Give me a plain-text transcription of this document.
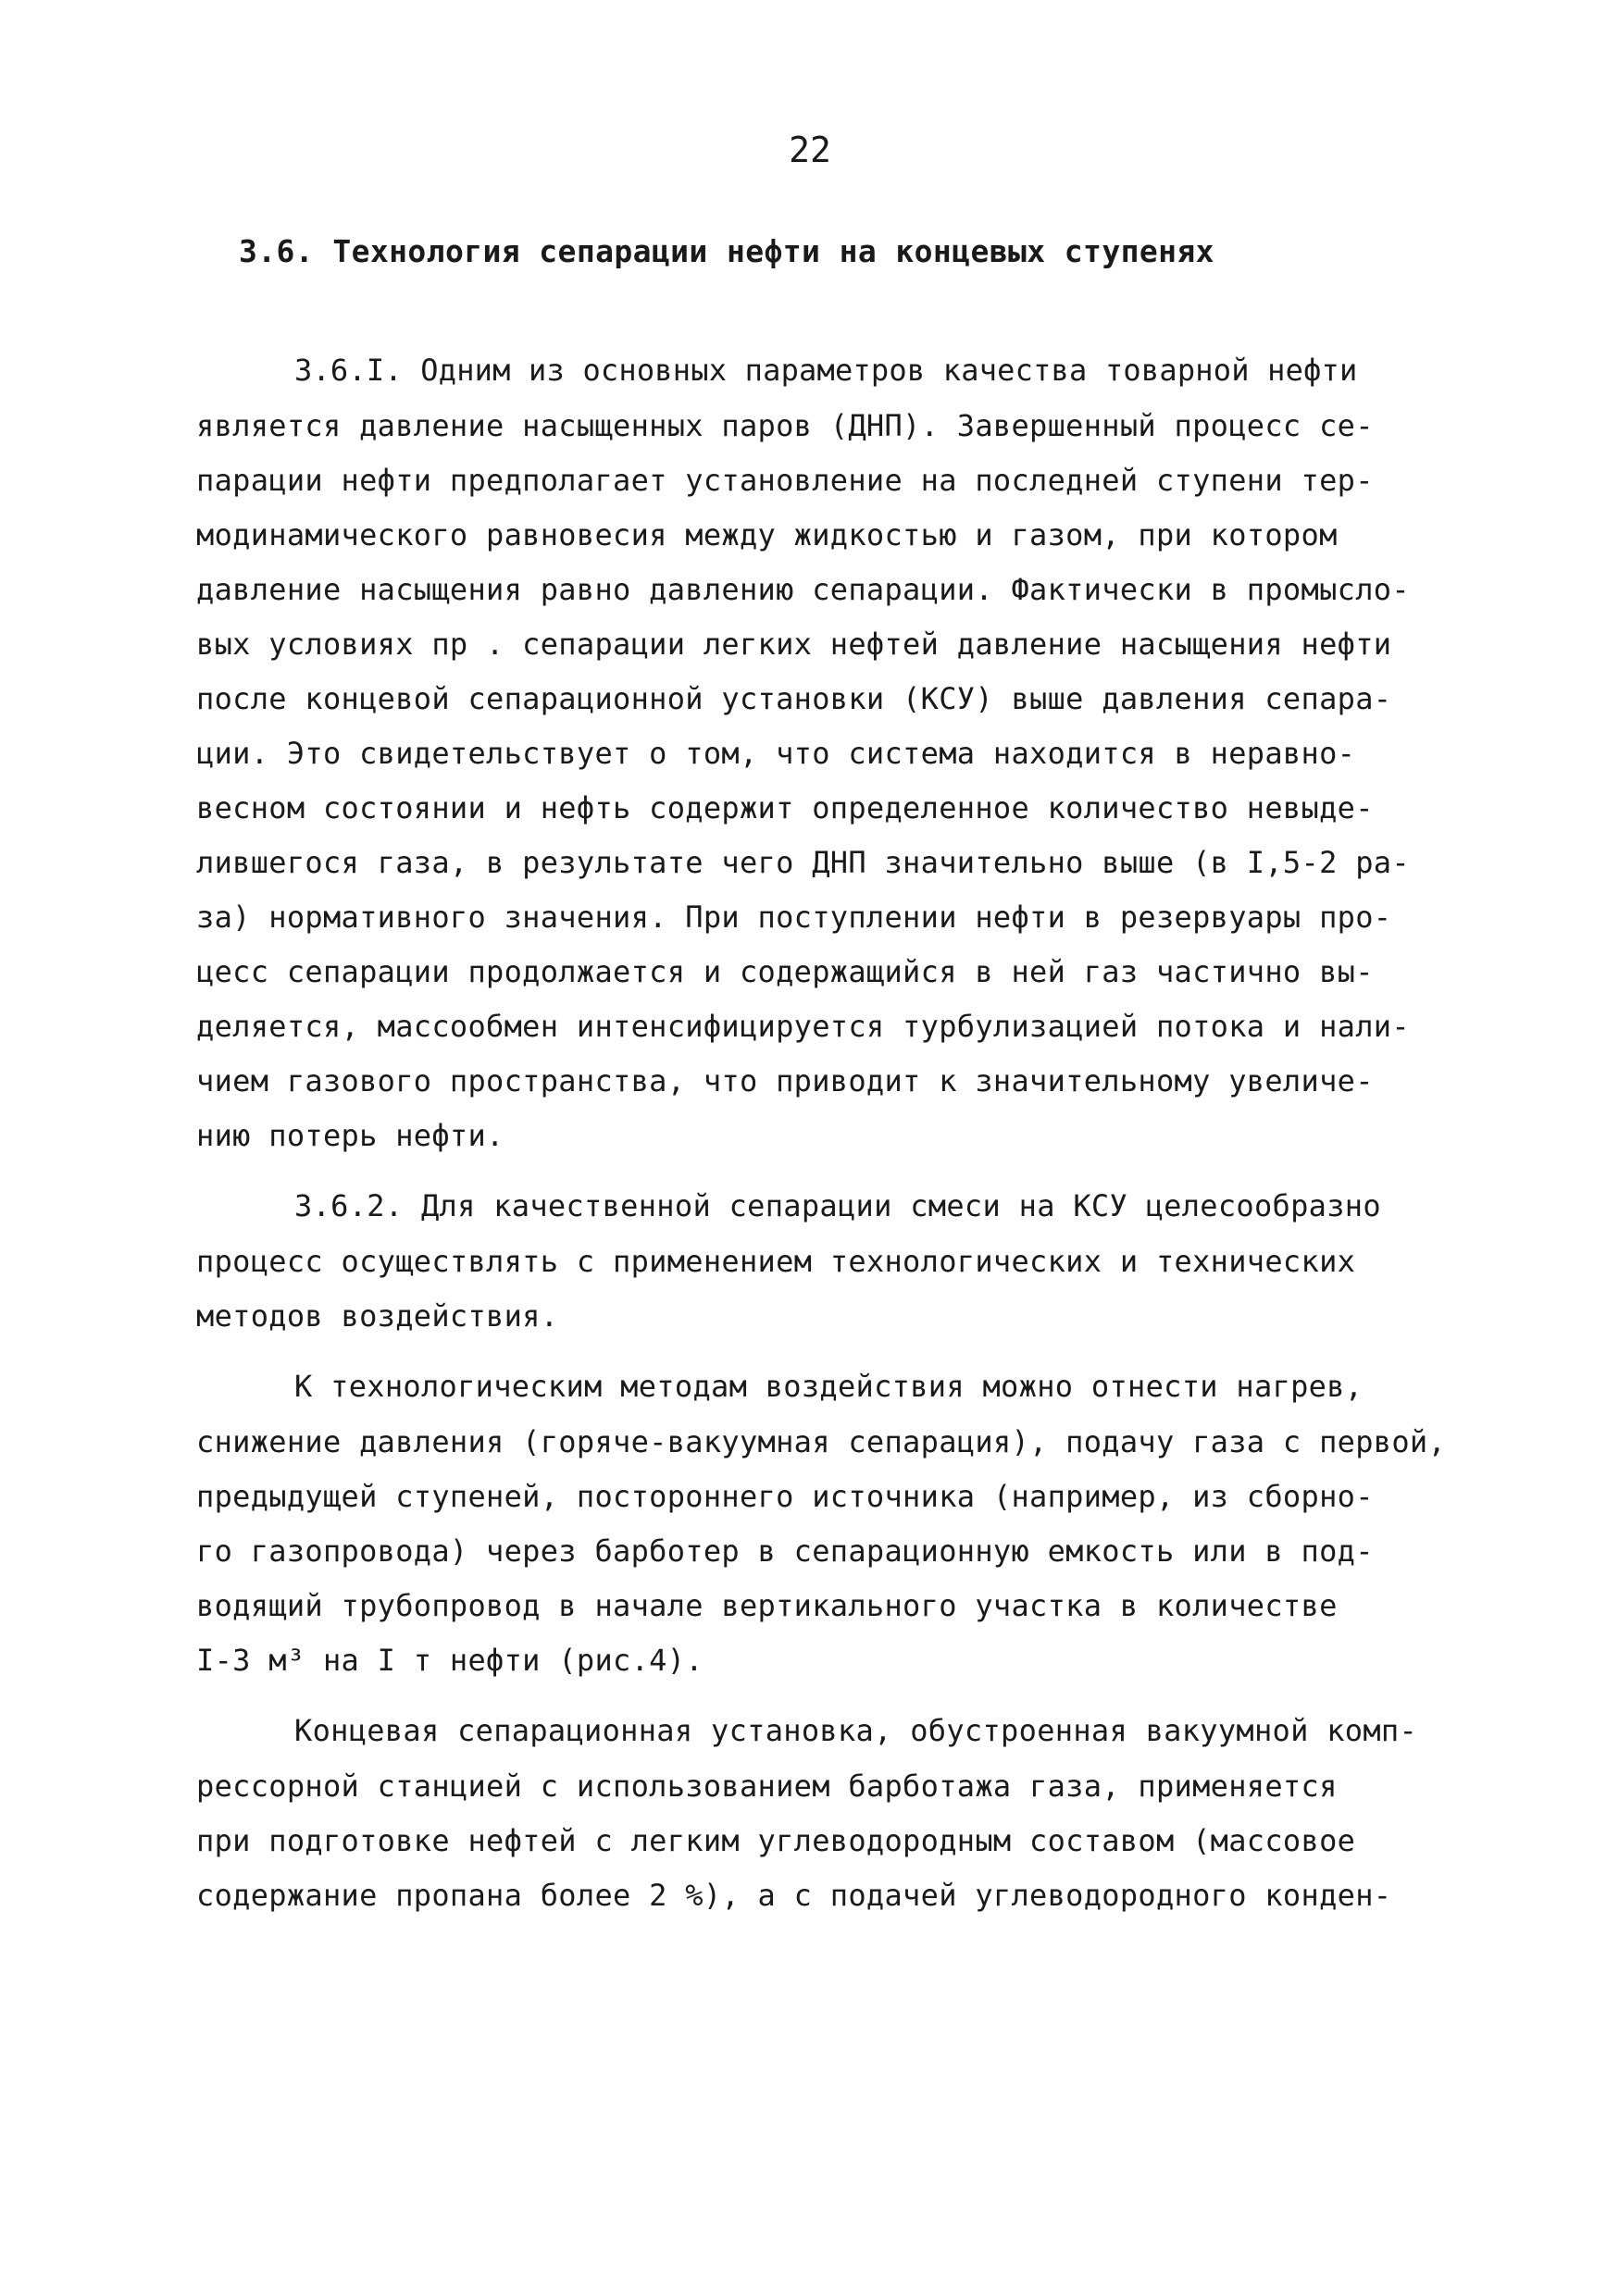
22
3.6. Технология сепарации нефти на концевых ступенях
3.6.I. Одним из основных параметров качества товарной нефти
является давление насыщенных паров (ДНП). Завершенный процесс се-
парации нефти предполагает установление на последней ступени тер-
модинамического равновесия между жидкостью и газом, при котором
давление насыщения равно давлению сепарации. Фактически в промысло-
вых условиях пр . сепарации легких нефтей давление насыщения нефти
после концевой сепарационной установки (КСУ) выше давления сепара-
ции. Это свидетельствует о том, что система находится в неравно-
весном состоянии и нефть содержит определенное количество невыде-
лившегося газа, в результате чего ДНП значительно выше (в I,5-2 ра-
за) нормативного значения. При поступлении нефти в резервуары про-
цесс сепарации продолжается и содержащийся в ней газ частично вы-
деляется, массообмен интенсифицируется турбулизацией потока и нали-
чием газового пространства, что приводит к значительному увеличе-
нию потерь нефти.
3.6.2. Для качественной сепарации смеси на КСУ целесообразно
процесс осуществлять с применением технологических и технических
методов воздействия.
К технологическим методам воздействия можно отнести нагрев,
снижение давления (горяче-вакуумная сепарация), подачу газа с первой,
предыдущей ступеней, постороннего источника (например, из сборно-
го газопровода) через барботер в сепарационную емкость или в под-
водящий трубопровод в начале вертикального участка в количестве
I-3 м³ на I т нефти (рис.4).
Концевая сепарационная установка, обустроенная вакуумной комп-
рессорной станцией с использованием барботажа газа, применяется
при подготовке нефтей с легким углеводородным составом (массовое
содержание пропана более 2 %), а с подачей углеводородного конден-
